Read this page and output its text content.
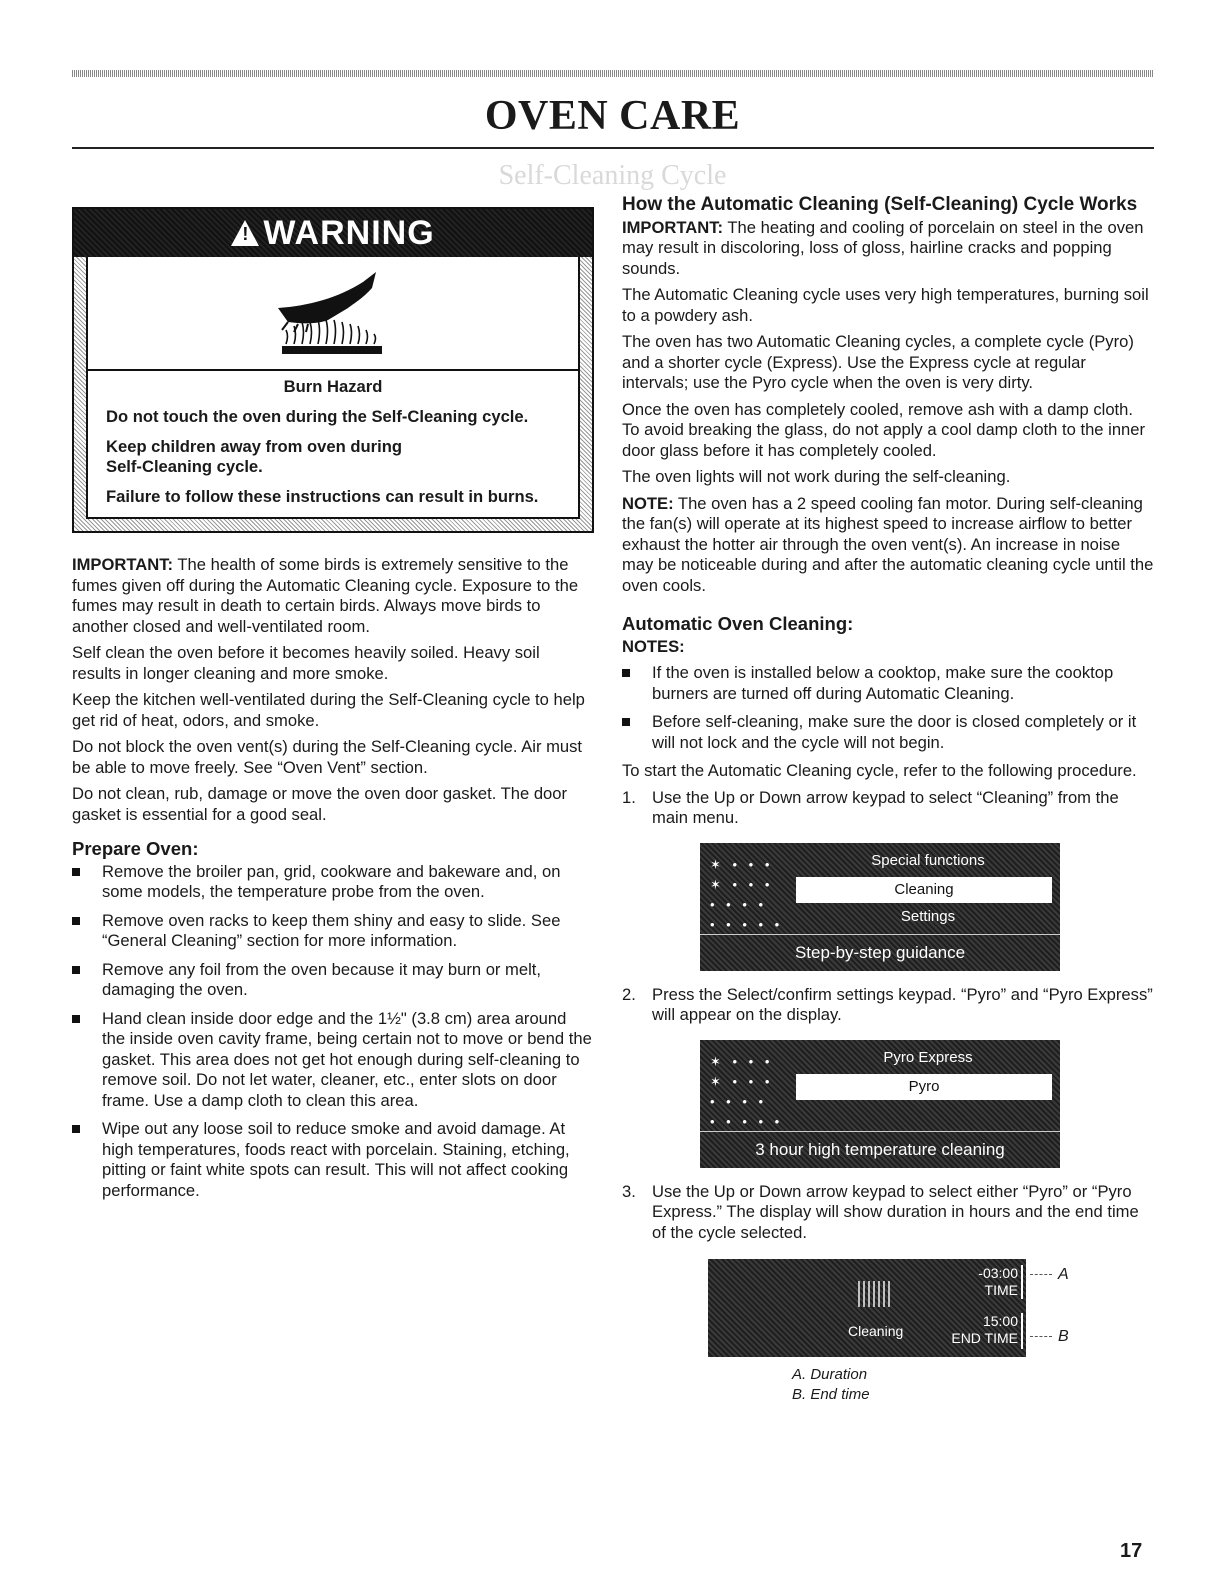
OVEN CARE
Self-Cleaning Cycle
!
WARNING

Burn Hazard

Do not touch the oven during the Self-Cleaning cycle.

Keep children away from oven during Self-Cleaning cycle.

Failure to follow these instructions can result in burns.

IMPORTANT: The health of some birds is extremely sensitive to the fumes given off during the Automatic Cleaning cycle. Exposure to the fumes may result in death to certain birds. Always move birds to another closed and well-ventilated room.

Self clean the oven before it becomes heavily soiled. Heavy soil results in longer cleaning and more smoke.

Keep the kitchen well-ventilated during the Self-Cleaning cycle to help get rid of heat, odors, and smoke.

Do not block the oven vent(s) during the Self-Cleaning cycle. Air must be able to move freely. See “Oven Vent” section.

Do not clean, rub, damage or move the oven door gasket. The door gasket is essential for a good seal.

Prepare Oven:
Remove the broiler pan, grid, cookware and bakeware and, on some models, the temperature probe from the oven.
Remove oven racks to keep them shiny and easy to slide. See “General Cleaning” section for more information.
Remove any foil from the oven because it may burn or melt, damaging the oven.
Hand clean inside door edge and the 1½" (3.8 cm) area around the inside oven cavity frame, being certain not to move or bend the gasket. This area does not get hot enough during self-cleaning to remove soil. Do not let water, cleaner, etc., enter slots on door frame. Use a damp cloth to clean this area.
Wipe out any loose soil to reduce smoke and avoid damage. At high temperatures, foods react with porcelain. Staining, etching, pitting or faint white spots can result. This will not affect cooking performance.
How the Automatic Cleaning (Self-Cleaning) Cycle Works

IMPORTANT: The heating and cooling of porcelain on steel in the oven may result in discoloring, loss of gloss, hairline cracks and popping sounds.

The Automatic Cleaning cycle uses very high temperatures, burning soil to a powdery ash.

The oven has two Automatic Cleaning cycles, a complete cycle (Pyro) and a shorter cycle (Express). Use the Express cycle at regular intervals; use the Pyro cycle when the oven is very dirty.

Once the oven has completely cooled, remove ash with a damp cloth. To avoid breaking the glass, do not apply a cool damp cloth to the inner door glass before it has completely cooled.

The oven lights will not work during the self-cleaning.

NOTE: The oven has a 2 speed cooling fan motor. During self-cleaning the fan(s) will operate at its highest speed to increase airflow to better exhaust the hotter air through the oven vent(s). An increase in noise may be noticeable during and after the automatic cleaning cycle until the oven cools.

Automatic Oven Cleaning:

NOTES:

If the oven is installed below a cooktop, make sure the cooktop burners are turned off during Automatic Cleaning.
Before self-cleaning, make sure the door is closed completely or it will not lock and the cycle will not begin.

To start the Automatic Cleaning cycle, refer to the following procedure.

1. Use the Up or Down arrow keypad to select “Cleaning” from the main menu.
✶ • • •
✶ • • •
• • • •
• • • • •
Special functions
Cleaning
Settings
Step-by-step guidance
2. Press the Select/confirm settings keypad. “Pyro” and “Pyro Express” will appear on the display.
✶ • • •
✶ • • •
• • • •
• • • • •
Pyro Express
Pyro
3 hour high temperature cleaning
3. Use the Up or Down arrow keypad to select either “Pyro” or “Pyro Express.” The display will show duration in hours and the end time of the cycle selected.
Cleaning
-03:00
TIME
15:00
END TIME
A
B
A. Duration
B. End time
17
